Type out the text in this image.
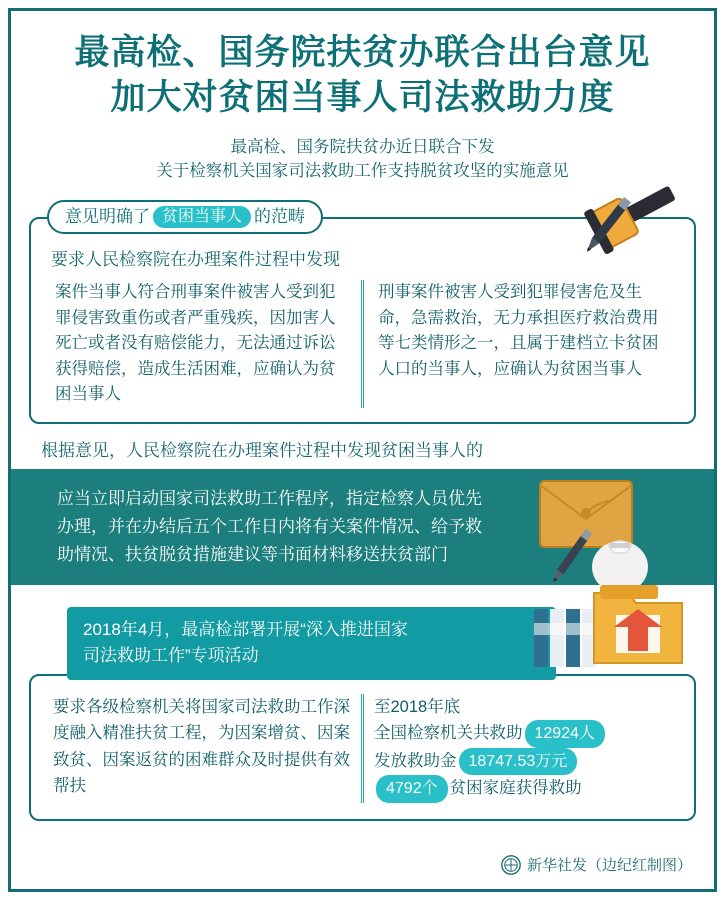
最高检、国务院扶贫办联合出台意见
加大对贫困当事人司法救助力度
最高检、国务院扶贫办近日联合下发
关于检察机关国家司法救助工作支持脱贫攻坚的实施意见
意见明确了 贫困当事人 的范畴
要求人民检察院在办理案件过程中发现
案件当事人符合刑事案件被害人受到犯罪侵害致重伤或者严重残疾，因加害人死亡或者没有赔偿能力，无法通过诉讼获得赔偿，造成生活困难，应确认为贫困当事人
刑事案件被害人受到犯罪侵害危及生命，急需救治，无力承担医疗救治费用等七类情形之一，且属于建档立卡贫困人口的当事人，应确认为贫困当事人
根据意见，人民检察院在办理案件过程中发现贫困当事人的
应当立即启动国家司法救助工作程序，指定检察人员优先办理，并在办结后五个工作日内将有关案件情况、给予救助情况、扶贫脱贫措施建议等书面材料移送扶贫部门
2018年4月，最高检部署开展“深入推进国家
司法救助工作”专项活动
要求各级检察机关将国家司法救助工作深度融入精准扶贫工程，为因案增贫、因案致贫、因案返贫的困难群众及时提供有效帮扶
至2018年底
全国检察机关共救助 12924人
发放救助金 18747.53万元
4792个 贫困家庭获得救助
新华社发（边纪红制图）
